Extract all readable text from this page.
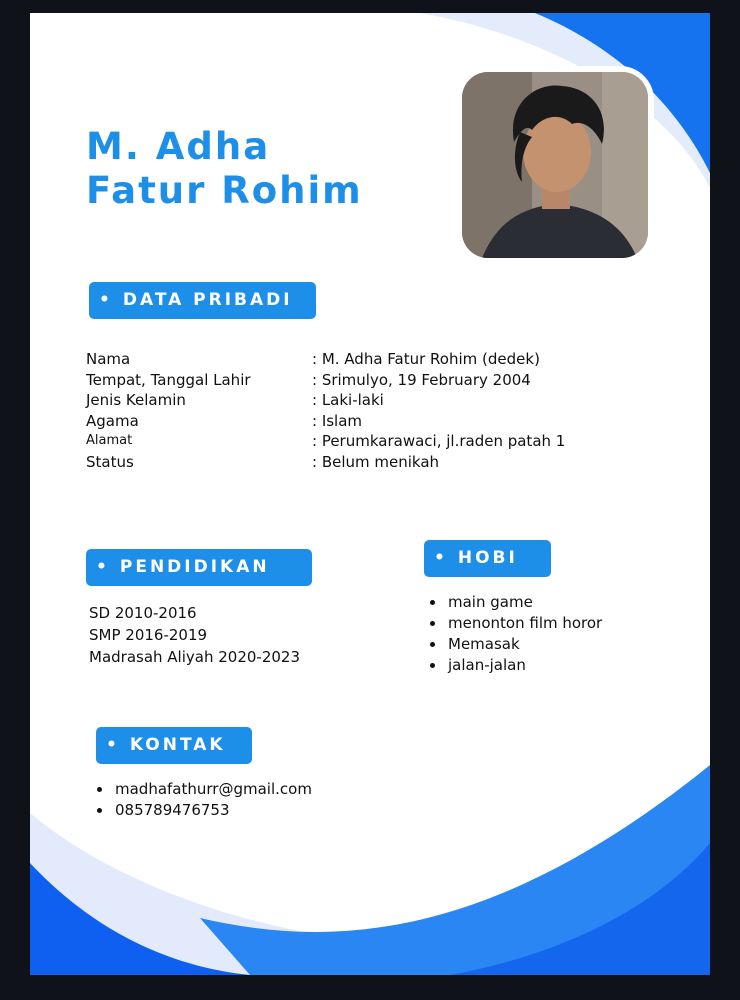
M. Adha
Fatur Rohim
• DATA PRIBADI
Nama	: M. Adha Fatur Rohim (dedek)
Tempat, Tanggal Lahir	: Srimulyo, 19 February 2004
Jenis Kelamin	: Laki-laki
Agama	: Islam
Alamat	: Perumkarawaci, jl.raden patah 1
Status	: Belum menikah
• PENDIDIKAN
SD 2010-2016
SMP 2016-2019
Madrasah Aliyah 2020-2023
• HOBI
main game
menonton film horor
Memasak
jalan-jalan
• KONTAK
madhafathurr@gmail.com
085789476753
